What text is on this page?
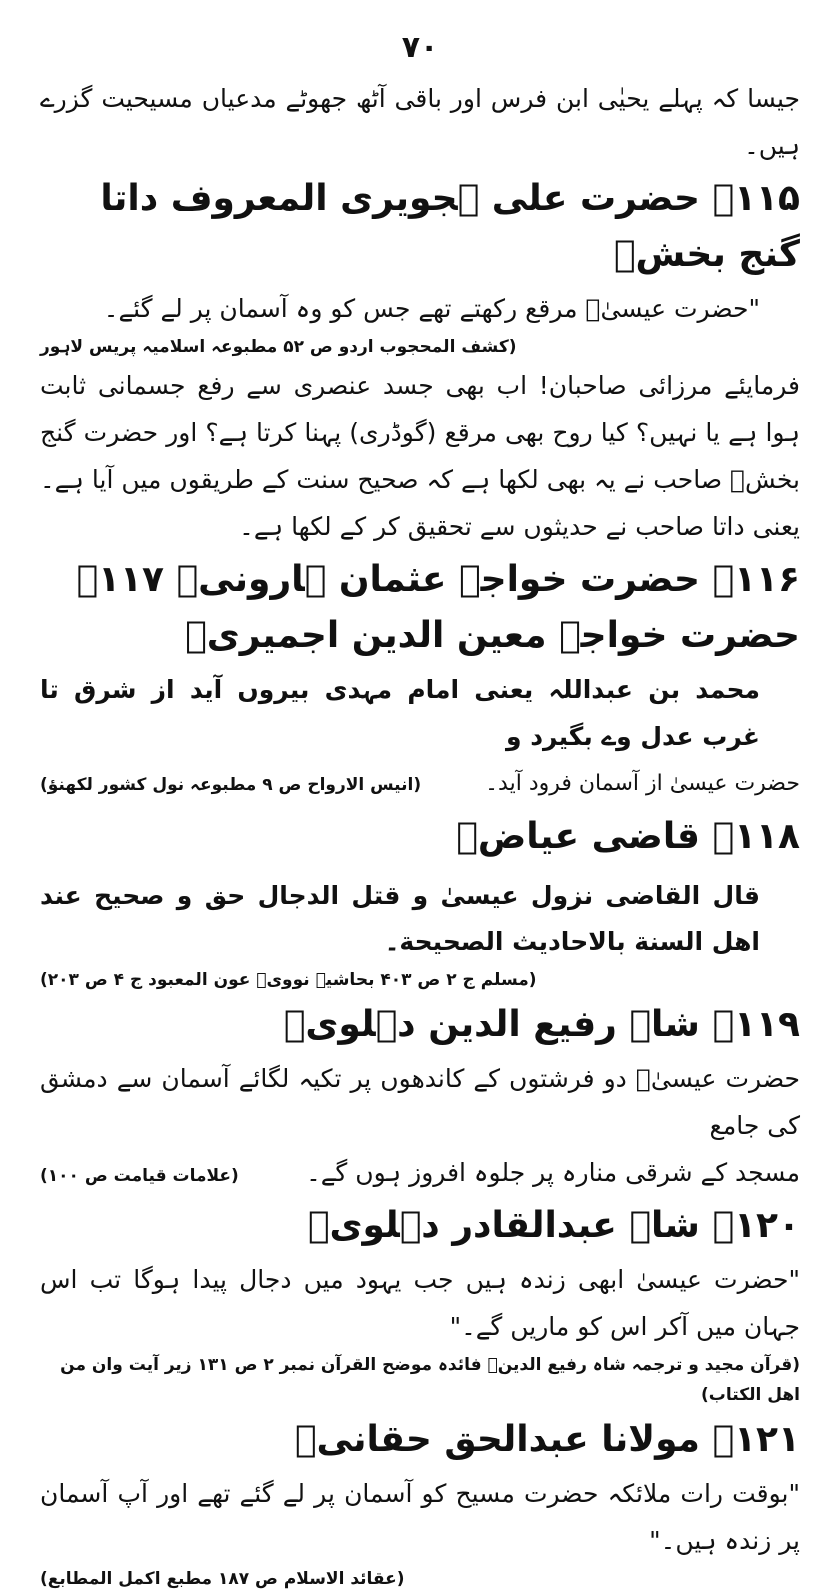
۷۰
جیسا کہ پہلے یحیٰی ابن فرس اور باقی آٹھ جھوٹے مدعیاں مسیحیت گزرے ہیں۔
۱۱۵۔ حضرت علی ہجویری المعروف داتا گنج بخشؒ
"حضرت عیسیٰؑ مرقع رکھتے تھے جس کو وہ آسمان پر لے گئے۔
(کشف المحجوب اردو ص ۵۲ مطبوعہ اسلامیہ پریس لاہور
فرمایئے مرزائی صاحبان! اب بھی جسد عنصری سے رفع جسمانی ثابت ہوا ہے یا نہیں؟ کیا روح بھی مرقع (گوڈری) پہنا کرتا ہے؟ اور حضرت گنج بخشؒ صاحب نے یہ بھی لکھا ہے کہ صحیح سنت کے طریقوں میں آیا ہے۔ یعنی داتا صاحب نے حدیثوں سے تحقیق کر کے لکھا ہے۔
۱۱۶۔ حضرت خواجہ عثمان ہارونیؒ ۱۱۷۔ حضرت خواجہ معین الدین اجمیریؒ
محمد بن عبداللہ یعنی امام مہدی بیروں آید از شرق تا غرب عدل وے بگیرد و
حضرت عیسیٰ از آسمان فرود آید۔
(انیس الارواح ص ۹ مطبوعہ نول کشور لکھنؤ)
۱۱۸۔ قاضی عیاضؒ
قال القاضی نزول عیسیٰ و قتل الدجال حق و صحیح عند اھل السنة بالاحادیث الصحیحة۔
(مسلم ج ۲ ص ۴۰۳ بحاشیہ نوویؒ عون المعبود ج ۴ ص ۲۰۳)
۱۱۹۔ شاہ رفیع الدین دہلویؒ
حضرت عیسیٰؑ دو فرشتوں کے کاندھوں پر تکیہ لگائے آسمان سے دمشق کی جامع
مسجد کے شرقی منارہ پر جلوہ افروز ہوں گے۔
(علامات قیامت ص ۱۰۰)
۱۲۰۔ شاہ عبدالقادر دہلویؒ
"حضرت عیسیٰ ابھی زندہ ہیں جب یہود میں دجال پیدا ہوگا تب اس جہان میں آکر اس کو ماریں گے۔"
(قرآن مجید و ترجمہ شاہ رفیع الدینؒ فائدہ موضح القرآن نمبر ۲ ص ۱۳۱ زیر آیت وان من اھل الکتاب)
۱۲۱۔ مولانا عبدالحق حقانیؒ
"بوقت رات ملائکہ حضرت مسیح کو آسمان پر لے گئے تھے اور آپ آسمان پر زندہ ہیں۔"
(عقائد الاسلام ص ۱۸۷ مطبع اکمل المطابع)
